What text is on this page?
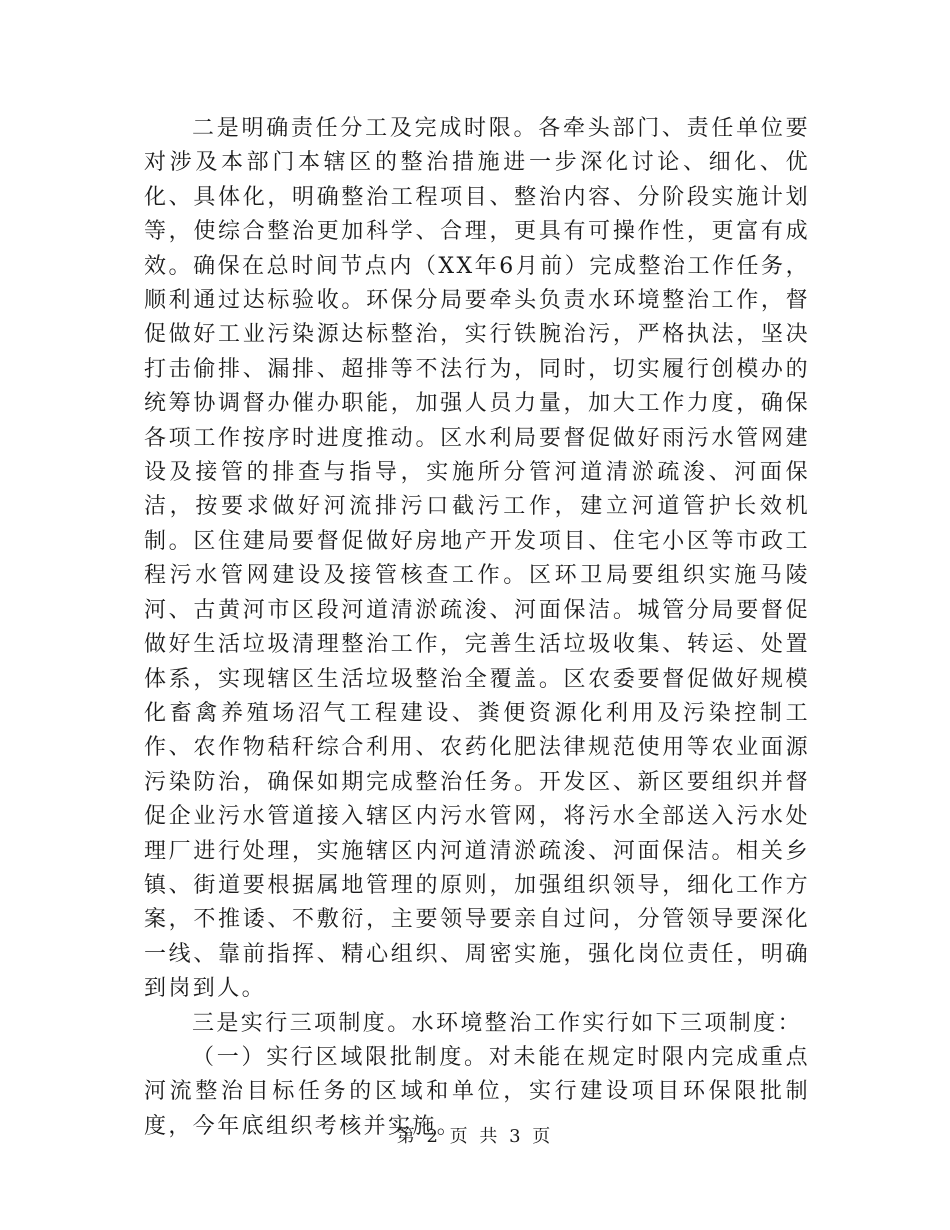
二是明确责任分工及完成时限。各牵头部门、责任单位要对涉及本部门本辖区的整治措施进一步深化讨论、细化、优化、具体化，明确整治工程项目、整治内容、分阶段实施计划等，使综合整治更加科学、合理，更具有可操作性，更富有成效。确保在总时间节点内（XX年6月前）完成整治工作任务，顺利通过达标验收。环保分局要牵头负责水环境整治工作，督促做好工业污染源达标整治，实行铁腕治污，严格执法，坚决打击偷排、漏排、超排等不法行为，同时，切实履行创模办的统筹协调督办催办职能，加强人员力量，加大工作力度，确保各项工作按序时进度推动。区水利局要督促做好雨污水管网建设及接管的排查与指导，实施所分管河道清淤疏浚、河面保洁，按要求做好河流排污口截污工作，建立河道管护长效机制。区住建局要督促做好房地产开发项目、住宅小区等市政工程污水管网建设及接管核查工作。区环卫局要组织实施马陵河、古黄河市区段河道清淤疏浚、河面保洁。城管分局要督促做好生活垃圾清理整治工作，完善生活垃圾收集、转运、处置体系，实现辖区生活垃圾整治全覆盖。区农委要督促做好规模化畜禽养殖场沼气工程建设、粪便资源化利用及污染控制工作、农作物秸秆综合利用、农药化肥法律规范使用等农业面源污染防治，确保如期完成整治任务。开发区、新区要组织并督促企业污水管道接入辖区内污水管网，将污水全部送入污水处理厂进行处理，实施辖区内河道清淤疏浚、河面保洁。相关乡镇、街道要根据属地管理的原则，加强组织领导，细化工作方案，不推诿、不敷衍，主要领导要亲自过问，分管领导要深化一线、靠前指挥、精心组织、周密实施，强化岗位责任，明确到岗到人。

三是实行三项制度。水环境整治工作实行如下三项制度：

（一）实行区域限批制度。对未能在规定时限内完成重点河流整治目标任务的区域和单位，实行建设项目环保限批制度，今年底组织考核并实施。

第 2 页 共 3 页
